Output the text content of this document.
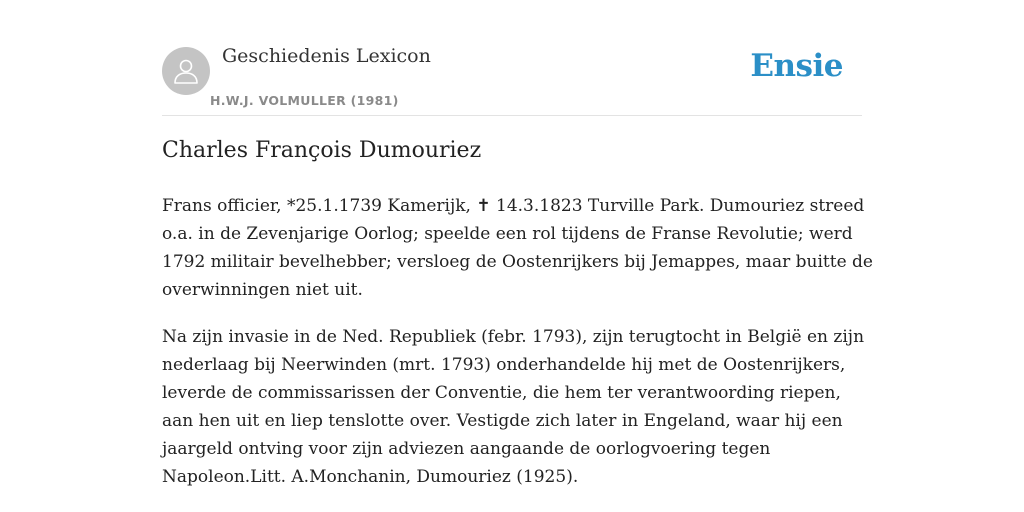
Geschiedenis Lexicon
H.W.J. VOLMULLER (1981)
Ensie
Charles François Dumouriez

Frans officier, *25.1.1739 Kamerijk, ✝ 14.3.1823 Turville Park. Dumouriez streed
o.a. in de Zevenjarige Oorlog; speelde een rol tijdens de Franse Revolutie; werd
1792 militair bevelhebber; versloeg de Oostenrijkers bij Jemappes, maar buitte de
overwinningen niet uit.

Na zijn invasie in de Ned. Republiek (febr. 1793), zijn terugtocht in België en zijn
nederlaag bij Neerwinden (mrt. 1793) onderhandelde hij met de Oostenrijkers,
leverde de commissarissen der Conventie, die hem ter verantwoording riepen,
aan hen uit en liep tenslotte over. Vestigde zich later in Engeland, waar hij een
jaargeld ontving voor zijn adviezen aangaande de oorlogvoering tegen
Napoleon.Litt. A.Monchanin, Dumouriez (1925).
